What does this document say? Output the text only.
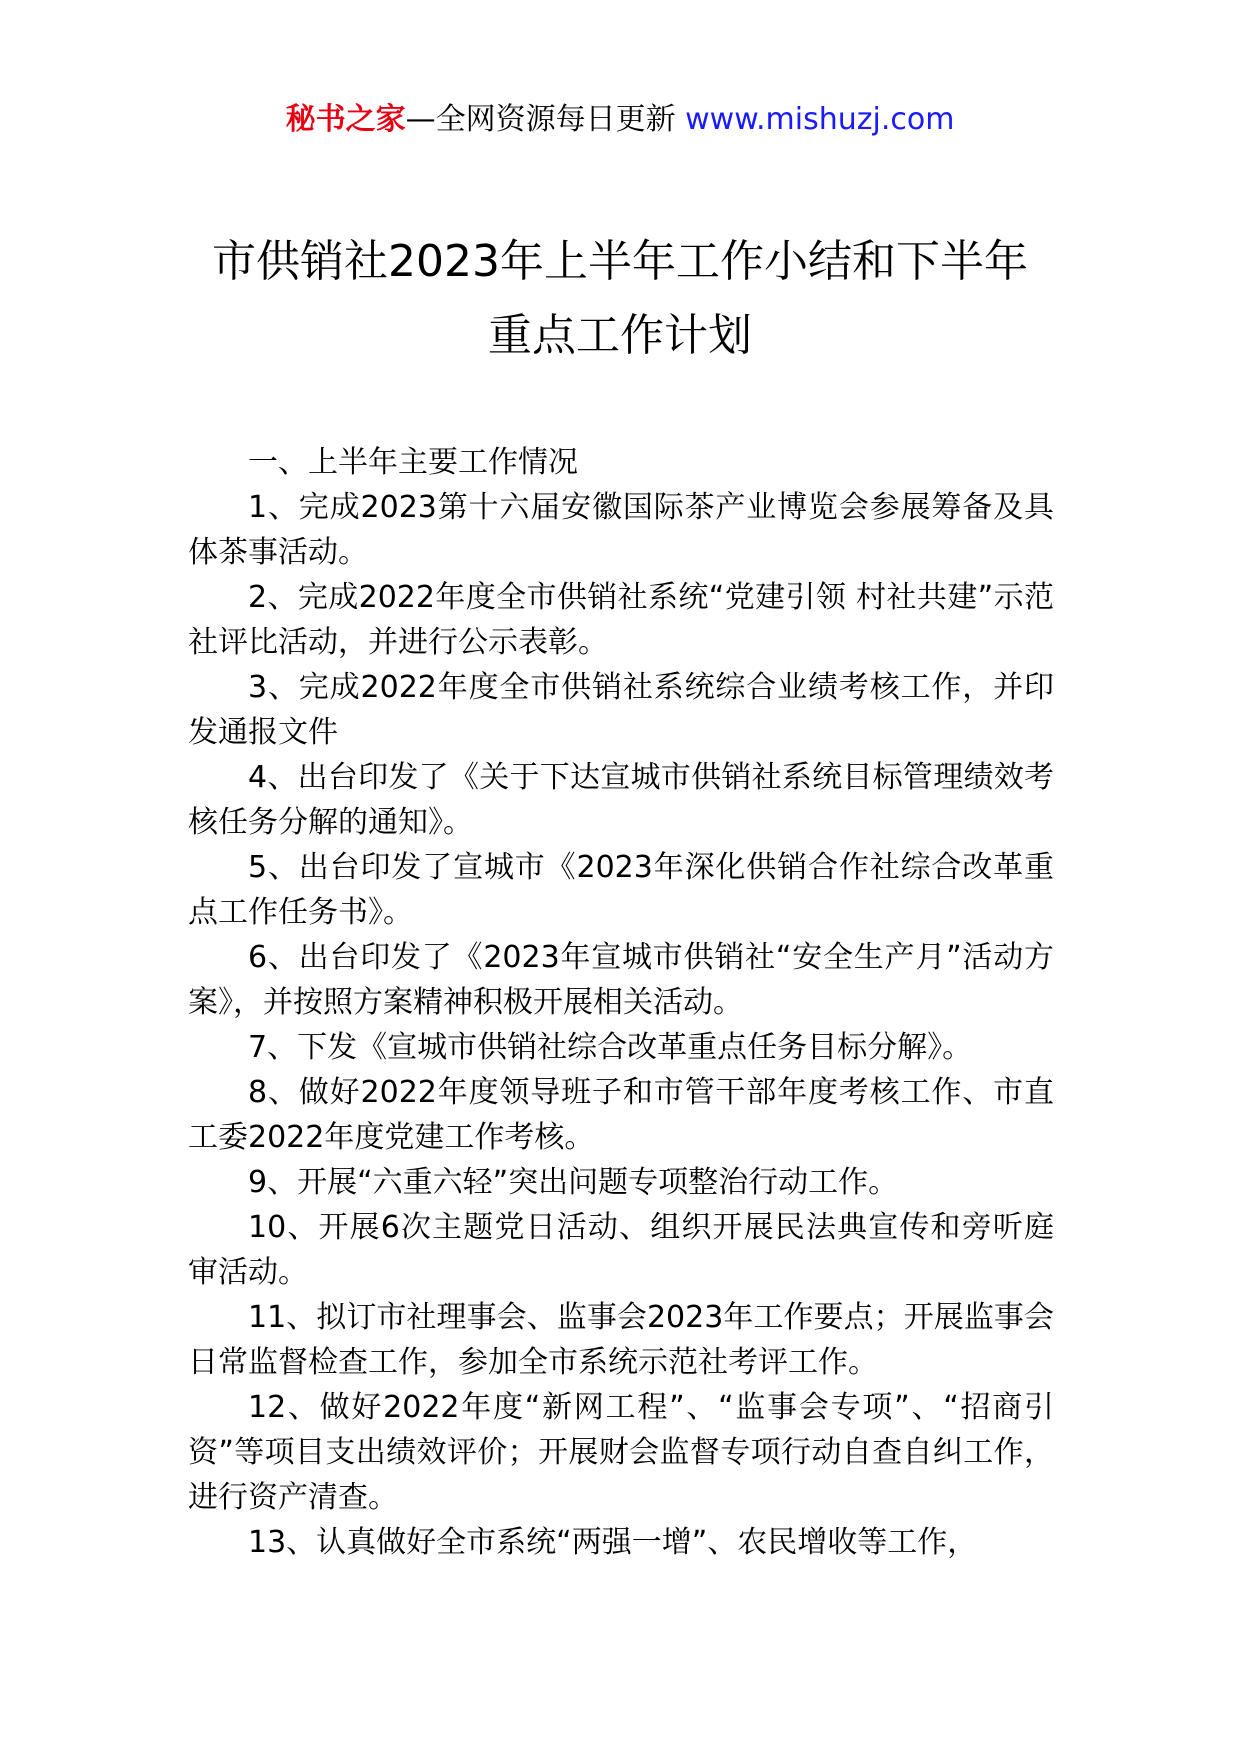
秘书之家—全网资源每日更新 www.mishuzj.com
市供销社2023年上半年工作小结和下半年
重点工作计划

一、上半年主要工作情况

1、完成2023第十六届安徽国际茶产业博览会参展筹备及具体茶事活动。

2、完成2022年度全市供销社系统“党建引领 村社共建”示范社评比活动，并进行公示表彰。

3、完成2022年度全市供销社系统综合业绩考核工作，并印发通报文件

4、出台印发了《关于下达宣城市供销社系统目标管理绩效考核任务分解的通知》。

5、出台印发了宣城市《2023年深化供销合作社综合改革重点工作任务书》。

6、出台印发了《2023年宣城市供销社“安全生产月”活动方案》，并按照方案精神积极开展相关活动。

7、下发《宣城市供销社综合改革重点任务目标分解》。

8、做好2022年度领导班子和市管干部年度考核工作、市直工委2022年度党建工作考核。

9、开展“六重六轻”突出问题专项整治行动工作。

10、开展6次主题党日活动、组织开展民法典宣传和旁听庭审活动。

11、拟订市社理事会、监事会2023年工作要点；开展监事会日常监督检查工作，参加全市系统示范社考评工作。

12、做好2022年度“新网工程”、“监事会专项”、“招商引资”等项目支出绩效评价；开展财会监督专项行动自查自纠工作，进行资产清查。

13、认真做好全市系统“两强一增”、农民增收等工作，
